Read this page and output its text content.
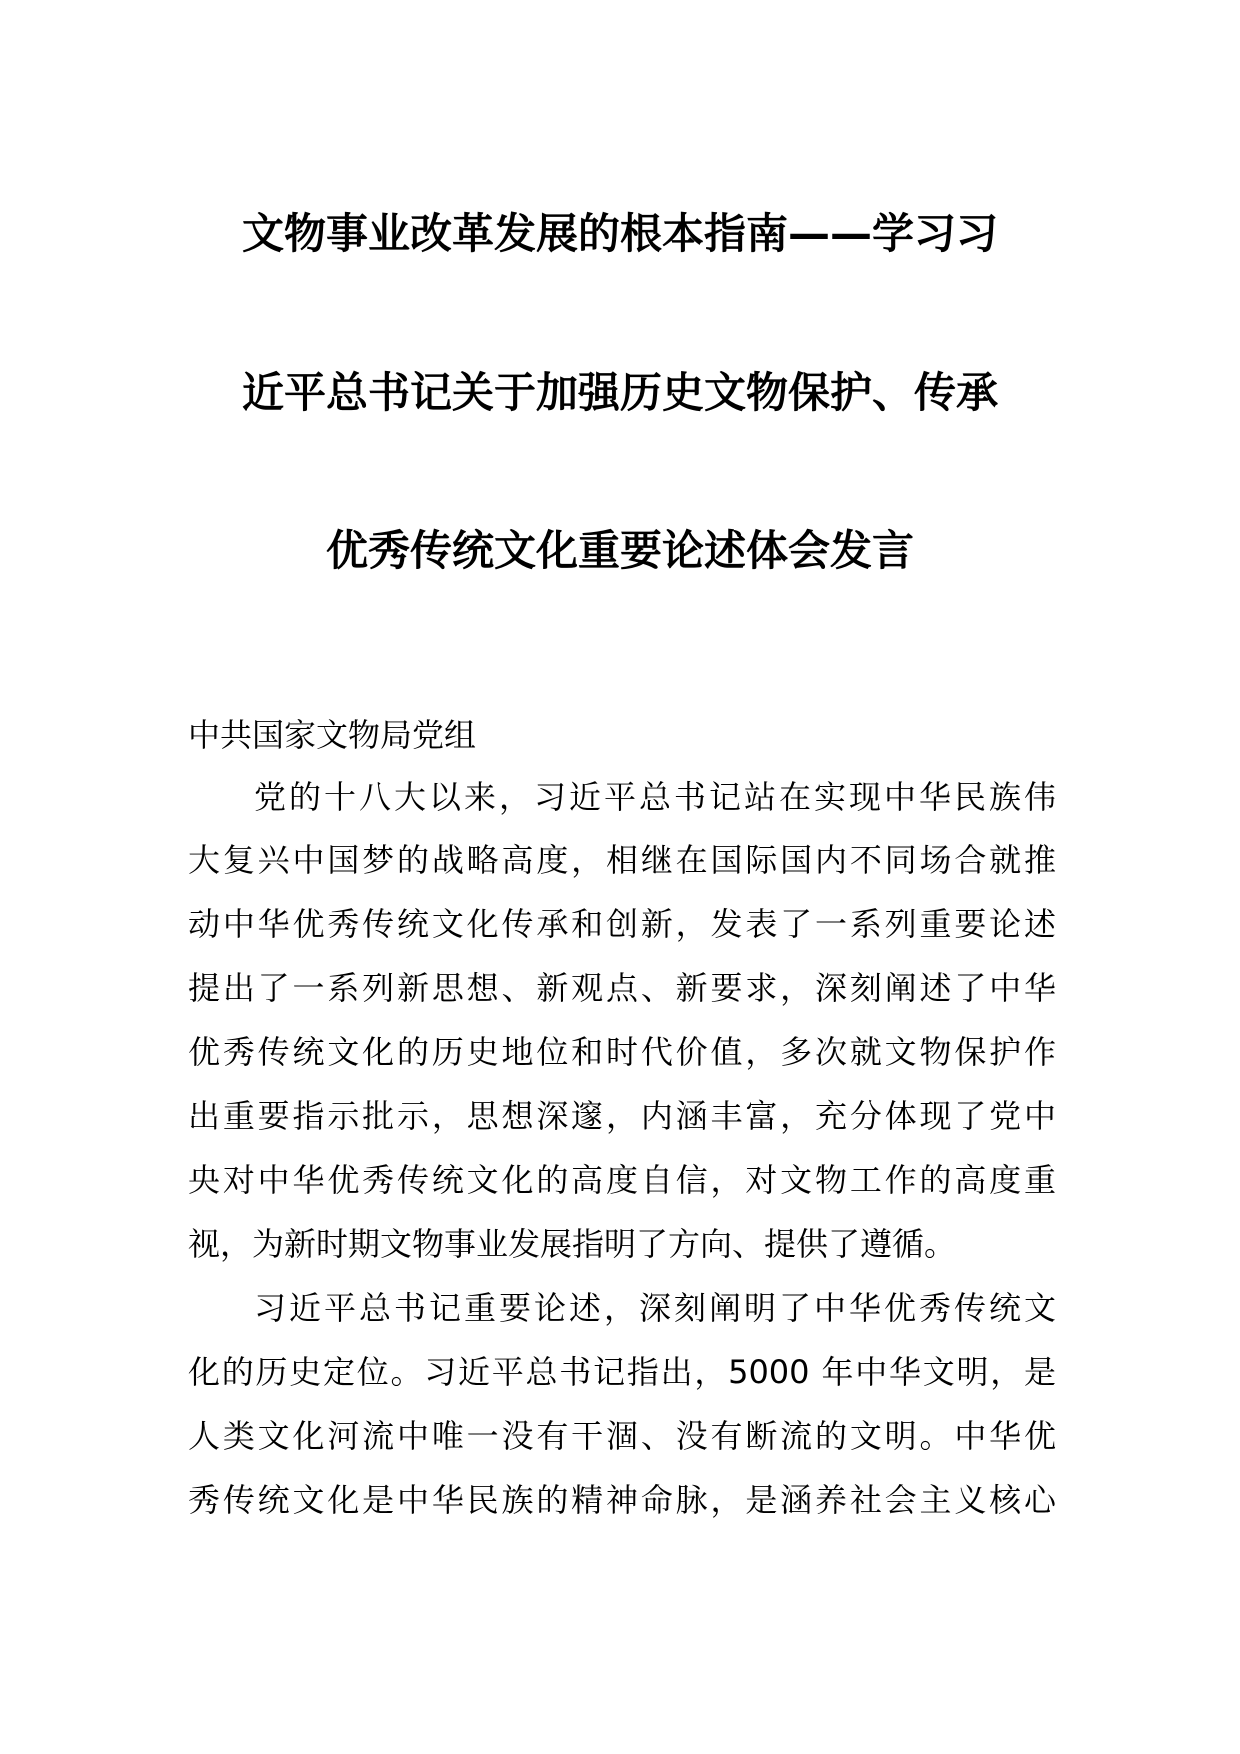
文物事业改革发展的根本指南——学习习
近平总书记关于加强历史文物保护、传承
优秀传统文化重要论述体会发言
中共国家文物局党组
党的十八大以来，习近平总书记站在实现中华民族伟
大复兴中国梦的战略高度，相继在国际国内不同场合就推
动中华优秀传统文化传承和创新，发表了一系列重要论述
提出了一系列新思想、新观点、新要求，深刻阐述了中华
优秀传统文化的历史地位和时代价值，多次就文物保护作
出重要指示批示，思想深邃，内涵丰富，充分体现了党中
央对中华优秀传统文化的高度自信，对文物工作的高度重
视，为新时期文物事业发展指明了方向、提供了遵循。
习近平总书记重要论述，深刻阐明了中华优秀传统文
化的历史定位。习近平总书记指出，5000 年中华文明，是
人类文化河流中唯一没有干涸、没有断流的文明。中华优
秀传统文化是中华民族的精神命脉，是涵养社会主义核心
